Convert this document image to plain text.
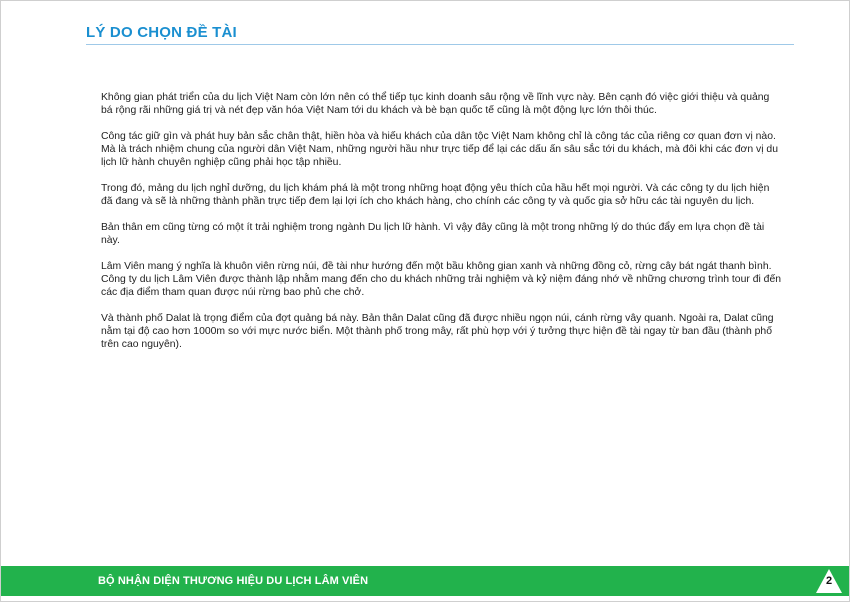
LÝ DO CHỌN ĐỀ TÀI

Không gian phát triển của du lịch Việt Nam còn lớn nên có thể tiếp tục kinh doanh sâu rộng về lĩnh vực này. Bên cạnh đó việc giới thiệu và quảng bá rộng rãi những giá trị và nét đẹp văn hóa Việt Nam tới du khách và bè bạn quốc tế cũng là một động lực lớn thôi thúc.

Công tác giữ gìn và phát huy bản sắc chân thật, hiền hòa và hiếu khách của dân tộc Việt Nam không chỉ là công tác của riêng cơ quan đơn vị nào. Mà là trách nhiệm chung của người dân Việt Nam, những người hầu như trực tiếp để lại các dấu ấn sâu sắc tới du khách, mà đôi khi các đơn vị du lịch lữ hành chuyên nghiệp cũng phải học tập nhiều.

Trong đó, mảng du lịch nghỉ dưỡng, du lịch khám phá là một trong những hoạt động yêu thích của hầu hết mọi người. Và các công ty du lịch hiện đã đang và sẽ là những thành phần trực tiếp đem lại lợi ích cho khách hàng, cho chính các công ty và quốc gia sở hữu các tài nguyên du lịch.

Bản thân em cũng từng có một ít trải nghiệm trong ngành Du lịch lữ hành. Vì vậy đây cũng là một trong những lý do thúc đẩy em lựa chọn đề tài này.

Lâm Viên mang ý nghĩa là khuôn viên rừng núi, đề tài như hướng đến một bầu không gian xanh và những đồng cỏ, rừng cây bát ngát thanh bình. Công ty du lịch Lâm Viên được thành lập nhằm mang đến cho du khách những trải nghiệm và kỷ niệm đáng nhớ về những chương trình tour đi đến các địa điểm tham quan được núi rừng bao phủ che chở.

Và thành phố Dalat là trọng điểm của đợt quảng bá này. Bản thân Dalat cũng đã được nhiều ngọn núi, cánh rừng vây quanh. Ngoài ra, Dalat cũng nằm tại độ cao hơn 1000m so với mực nước biển. Một thành phố trong mây, rất phù hợp với ý tưởng thực hiện đề tài ngay từ ban đầu (thành phố trên cao nguyên).

BỘ NHẬN DIỆN THƯƠNG HIỆU DU LỊCH LÂM VIÊN	2
